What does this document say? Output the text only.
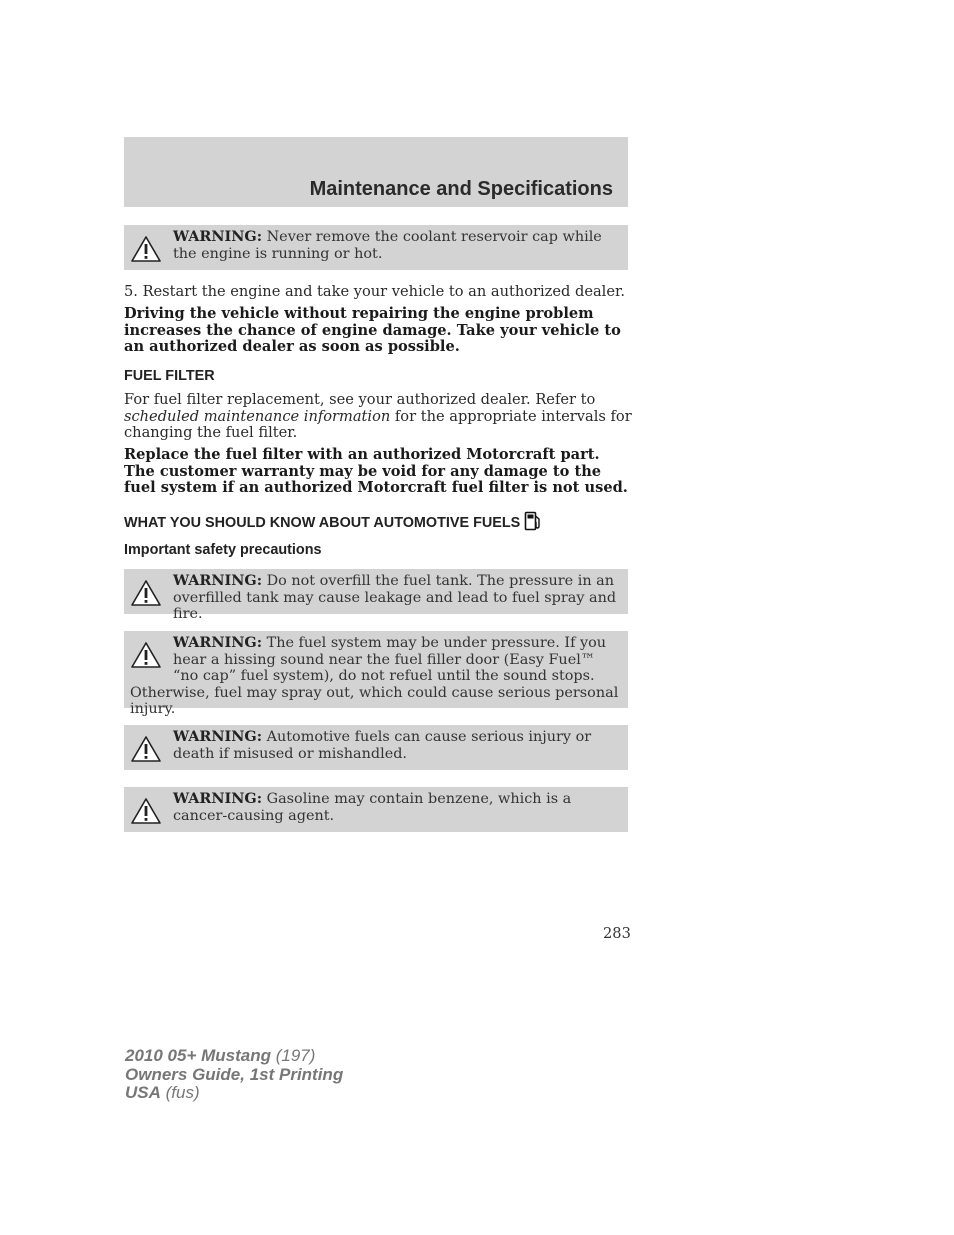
Maintenance and Specifications
WARNING: Never remove the coolant reservoir cap while the engine is running or hot.
5. Restart the engine and take your vehicle to an authorized dealer.
Driving the vehicle without repairing the engine problem increases the chance of engine damage. Take your vehicle to an authorized dealer as soon as possible.
FUEL FILTER
For fuel filter replacement, see your authorized dealer. Refer to scheduled maintenance information for the appropriate intervals for changing the fuel filter.
Replace the fuel filter with an authorized Motorcraft part. The customer warranty may be void for any damage to the fuel system if an authorized Motorcraft fuel filter is not used.
WHAT YOU SHOULD KNOW ABOUT AUTOMOTIVE FUELS
Important safety precautions
WARNING: Do not overfill the fuel tank. The pressure in an overfilled tank may cause leakage and lead to fuel spray and fire.
WARNING: The fuel system may be under pressure. If you hear a hissing sound near the fuel filler door (Easy Fuel™ “no cap” fuel system), do not refuel until the sound stops. Otherwise, fuel may spray out, which could cause serious personal injury.
WARNING: Automotive fuels can cause serious injury or death if misused or mishandled.
WARNING: Gasoline may contain benzene, which is a cancer-causing agent.
283
2010 05+ Mustang (197)
Owners Guide, 1st Printing
USA (fus)
